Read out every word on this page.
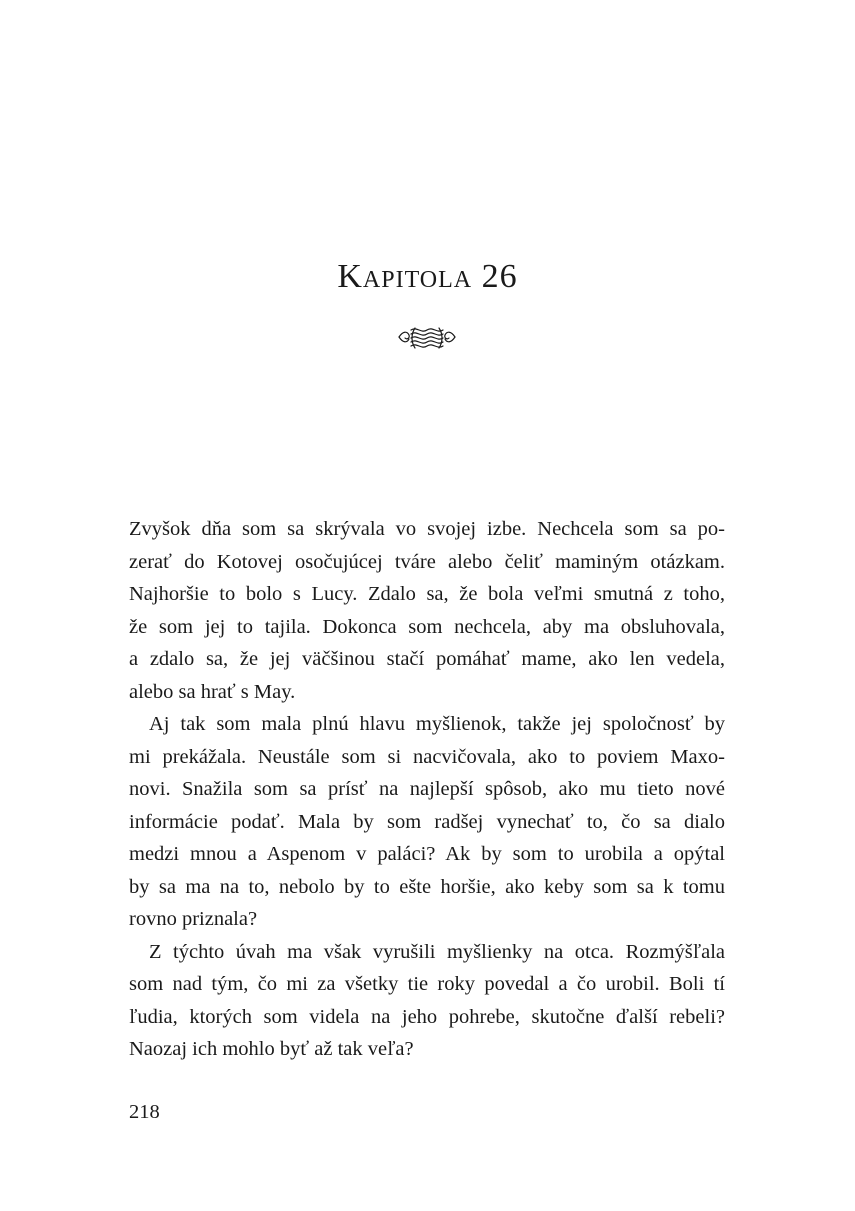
Kapitola 26

Zvyšok dňa som sa skrývala vo svojej izbe. Nechcela som sa po-
zerať do Kotovej osočujúcej tváre alebo čeliť maminým otázkam.
Najhoršie to bolo s Lucy. Zdalo sa, že bola veľmi smutná z toho,
že som jej to tajila. Dokonca som nechcela, aby ma obsluhovala,
a zdalo sa, že jej väčšinou stačí pomáhať mame, ako len vedela,
alebo sa hrať s May.

Aj tak som mala plnú hlavu myšlienok, takže jej spoločnosť by
mi prekážala. Neustále som si nacvičovala, ako to poviem Maxo-
novi. Snažila som sa prísť na najlepší spôsob, ako mu tieto nové
informácie podať. Mala by som radšej vynechať to, čo sa dialo
medzi mnou a Aspenom v paláci? Ak by som to urobila a opýtal
by sa ma na to, nebolo by to ešte horšie, ako keby som sa k tomu
rovno priznala?

Z týchto úvah ma však vyrušili myšlienky na otca. Rozmýšľala
som nad tým, čo mi za všetky tie roky povedal a čo urobil. Boli tí
ľudia, ktorých som videla na jeho pohrebe, skutočne ďalší rebeli?
Naozaj ich mohlo byť až tak veľa?

218
